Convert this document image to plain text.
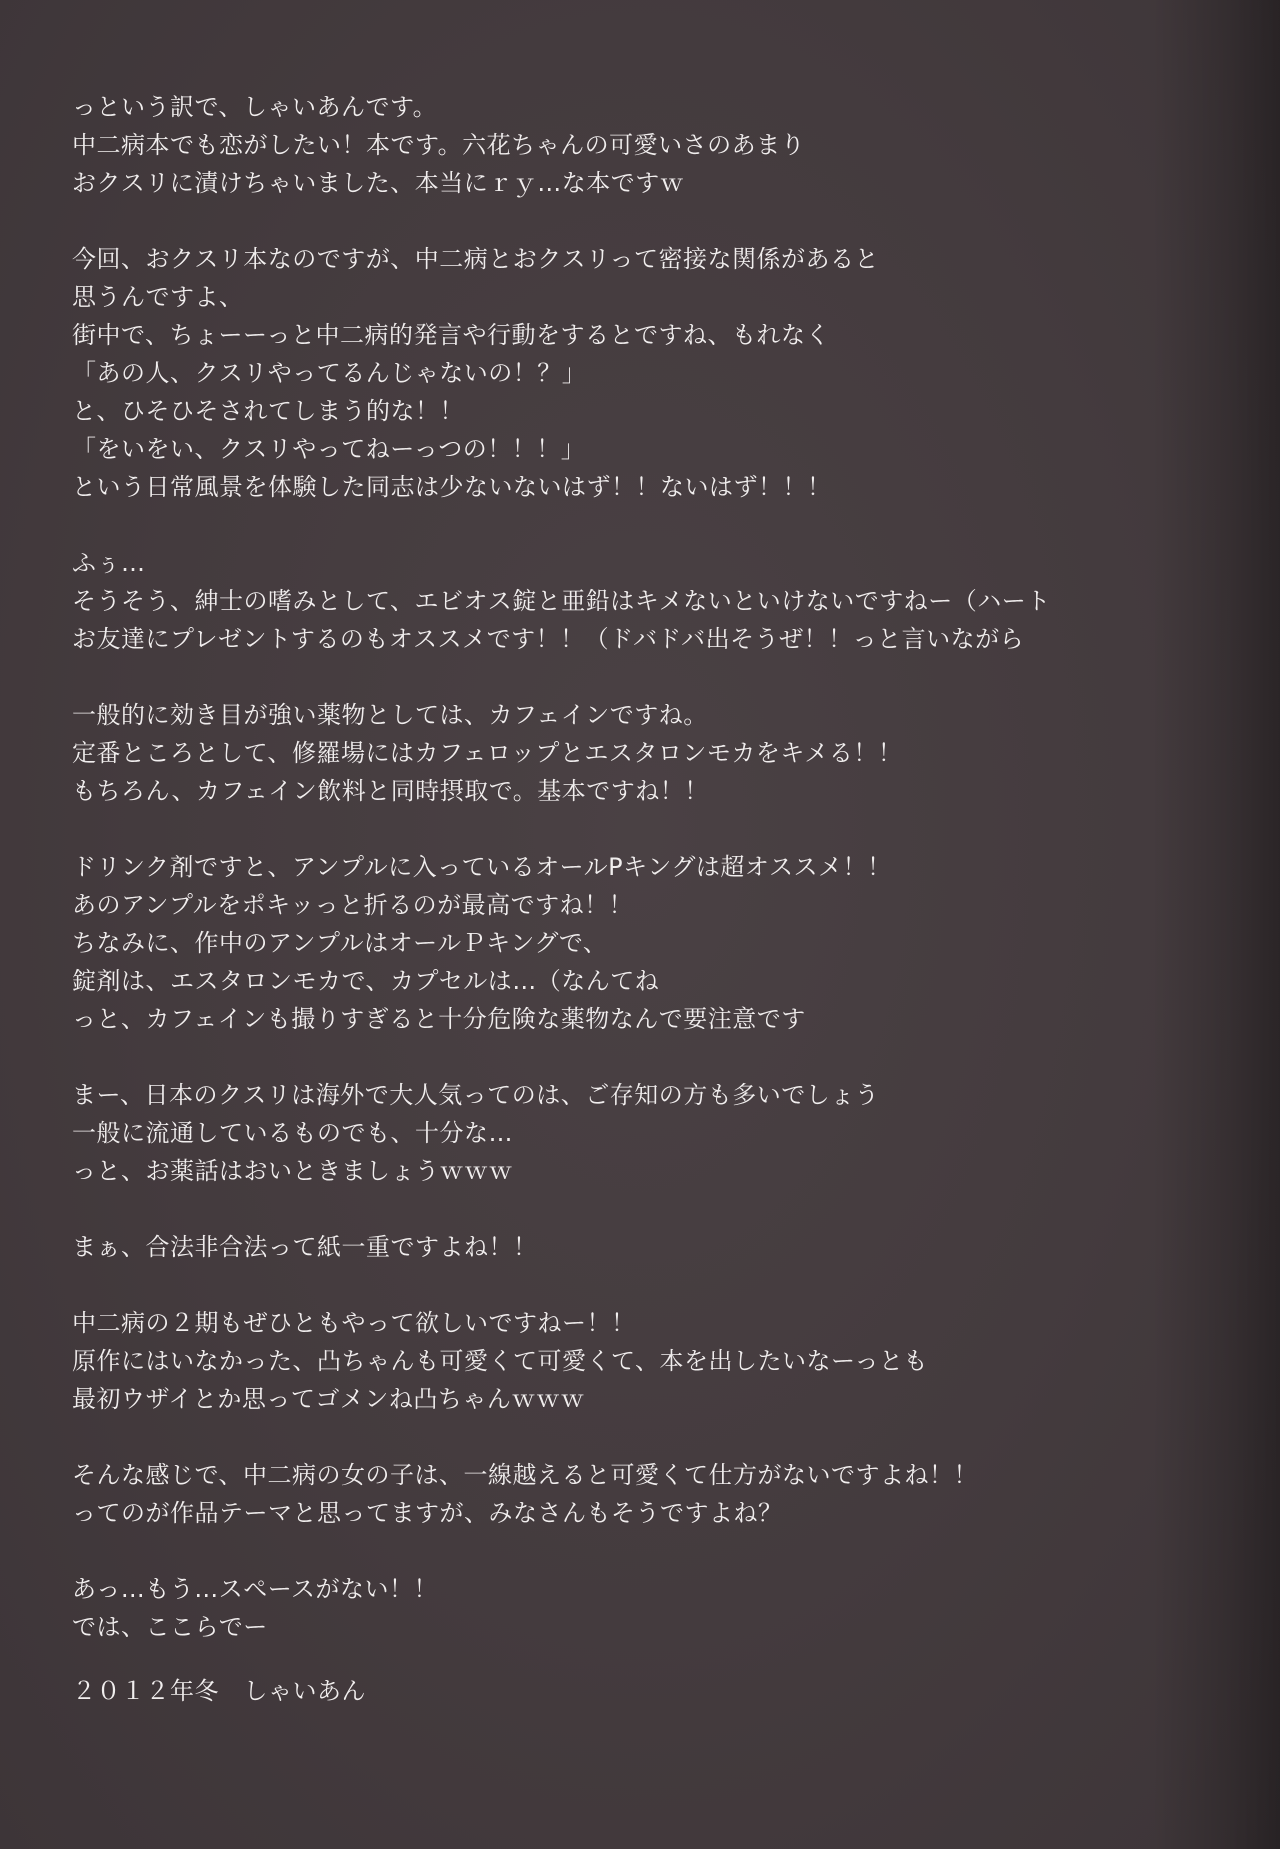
っという訳で、しゃいあんです。
中二病本でも恋がしたい！本です。六花ちゃんの可愛いさのあまり
おクスリに漬けちゃいました、本当にｒｙ…な本ですｗ
今回、おクスリ本なのですが、中二病とおクスリって密接な関係があると
思うんですよ、
街中で、ちょーーっと中二病的発言や行動をするとですね、もれなく
「あの人、クスリやってるんじゃないの！？」
と、ひそひそされてしまう的な！！
「をいをい、クスリやってねーっつの！！！」
という日常風景を体験した同志は少ないないはず！！ないはず！！！
ふぅ…
そうそう、紳士の嗜みとして、エビオス錠と亜鉛はキメないといけないですねー（ハート
お友達にプレゼントするのもオススメです！！（ドバドバ出そうぜ！！っと言いながら
一般的に効き目が強い薬物としては、カフェインですね。
定番ところとして、修羅場にはカフェロップとエスタロンモカをキメる！！
もちろん、カフェイン飲料と同時摂取で。基本ですね！！
ドリンク剤ですと、アンプルに入っているオールPキングは超オススメ！！
あのアンプルをポキッっと折るのが最高ですね！！
ちなみに、作中のアンプルはオールＰキングで、
錠剤は、エスタロンモカで、カプセルは…（なんてね
っと、カフェインも撮りすぎると十分危険な薬物なんで要注意です
まー、日本のクスリは海外で大人気ってのは、ご存知の方も多いでしょう
一般に流通しているものでも、十分な…
っと、お薬話はおいときましょうｗｗｗ
まぁ、合法非合法って紙一重ですよね！！
中二病の２期もぜひともやって欲しいですねー！！
原作にはいなかった、凸ちゃんも可愛くて可愛くて、本を出したいなーっとも
最初ウザイとか思ってゴメンね凸ちゃんｗｗｗ
そんな感じで、中二病の女の子は、一線越えると可愛くて仕方がないですよね！！
ってのが作品テーマと思ってますが、みなさんもそうですよね？
あっ…もう…スペースがない！！
では、ここらでー
２０１２年冬　しゃいあん
